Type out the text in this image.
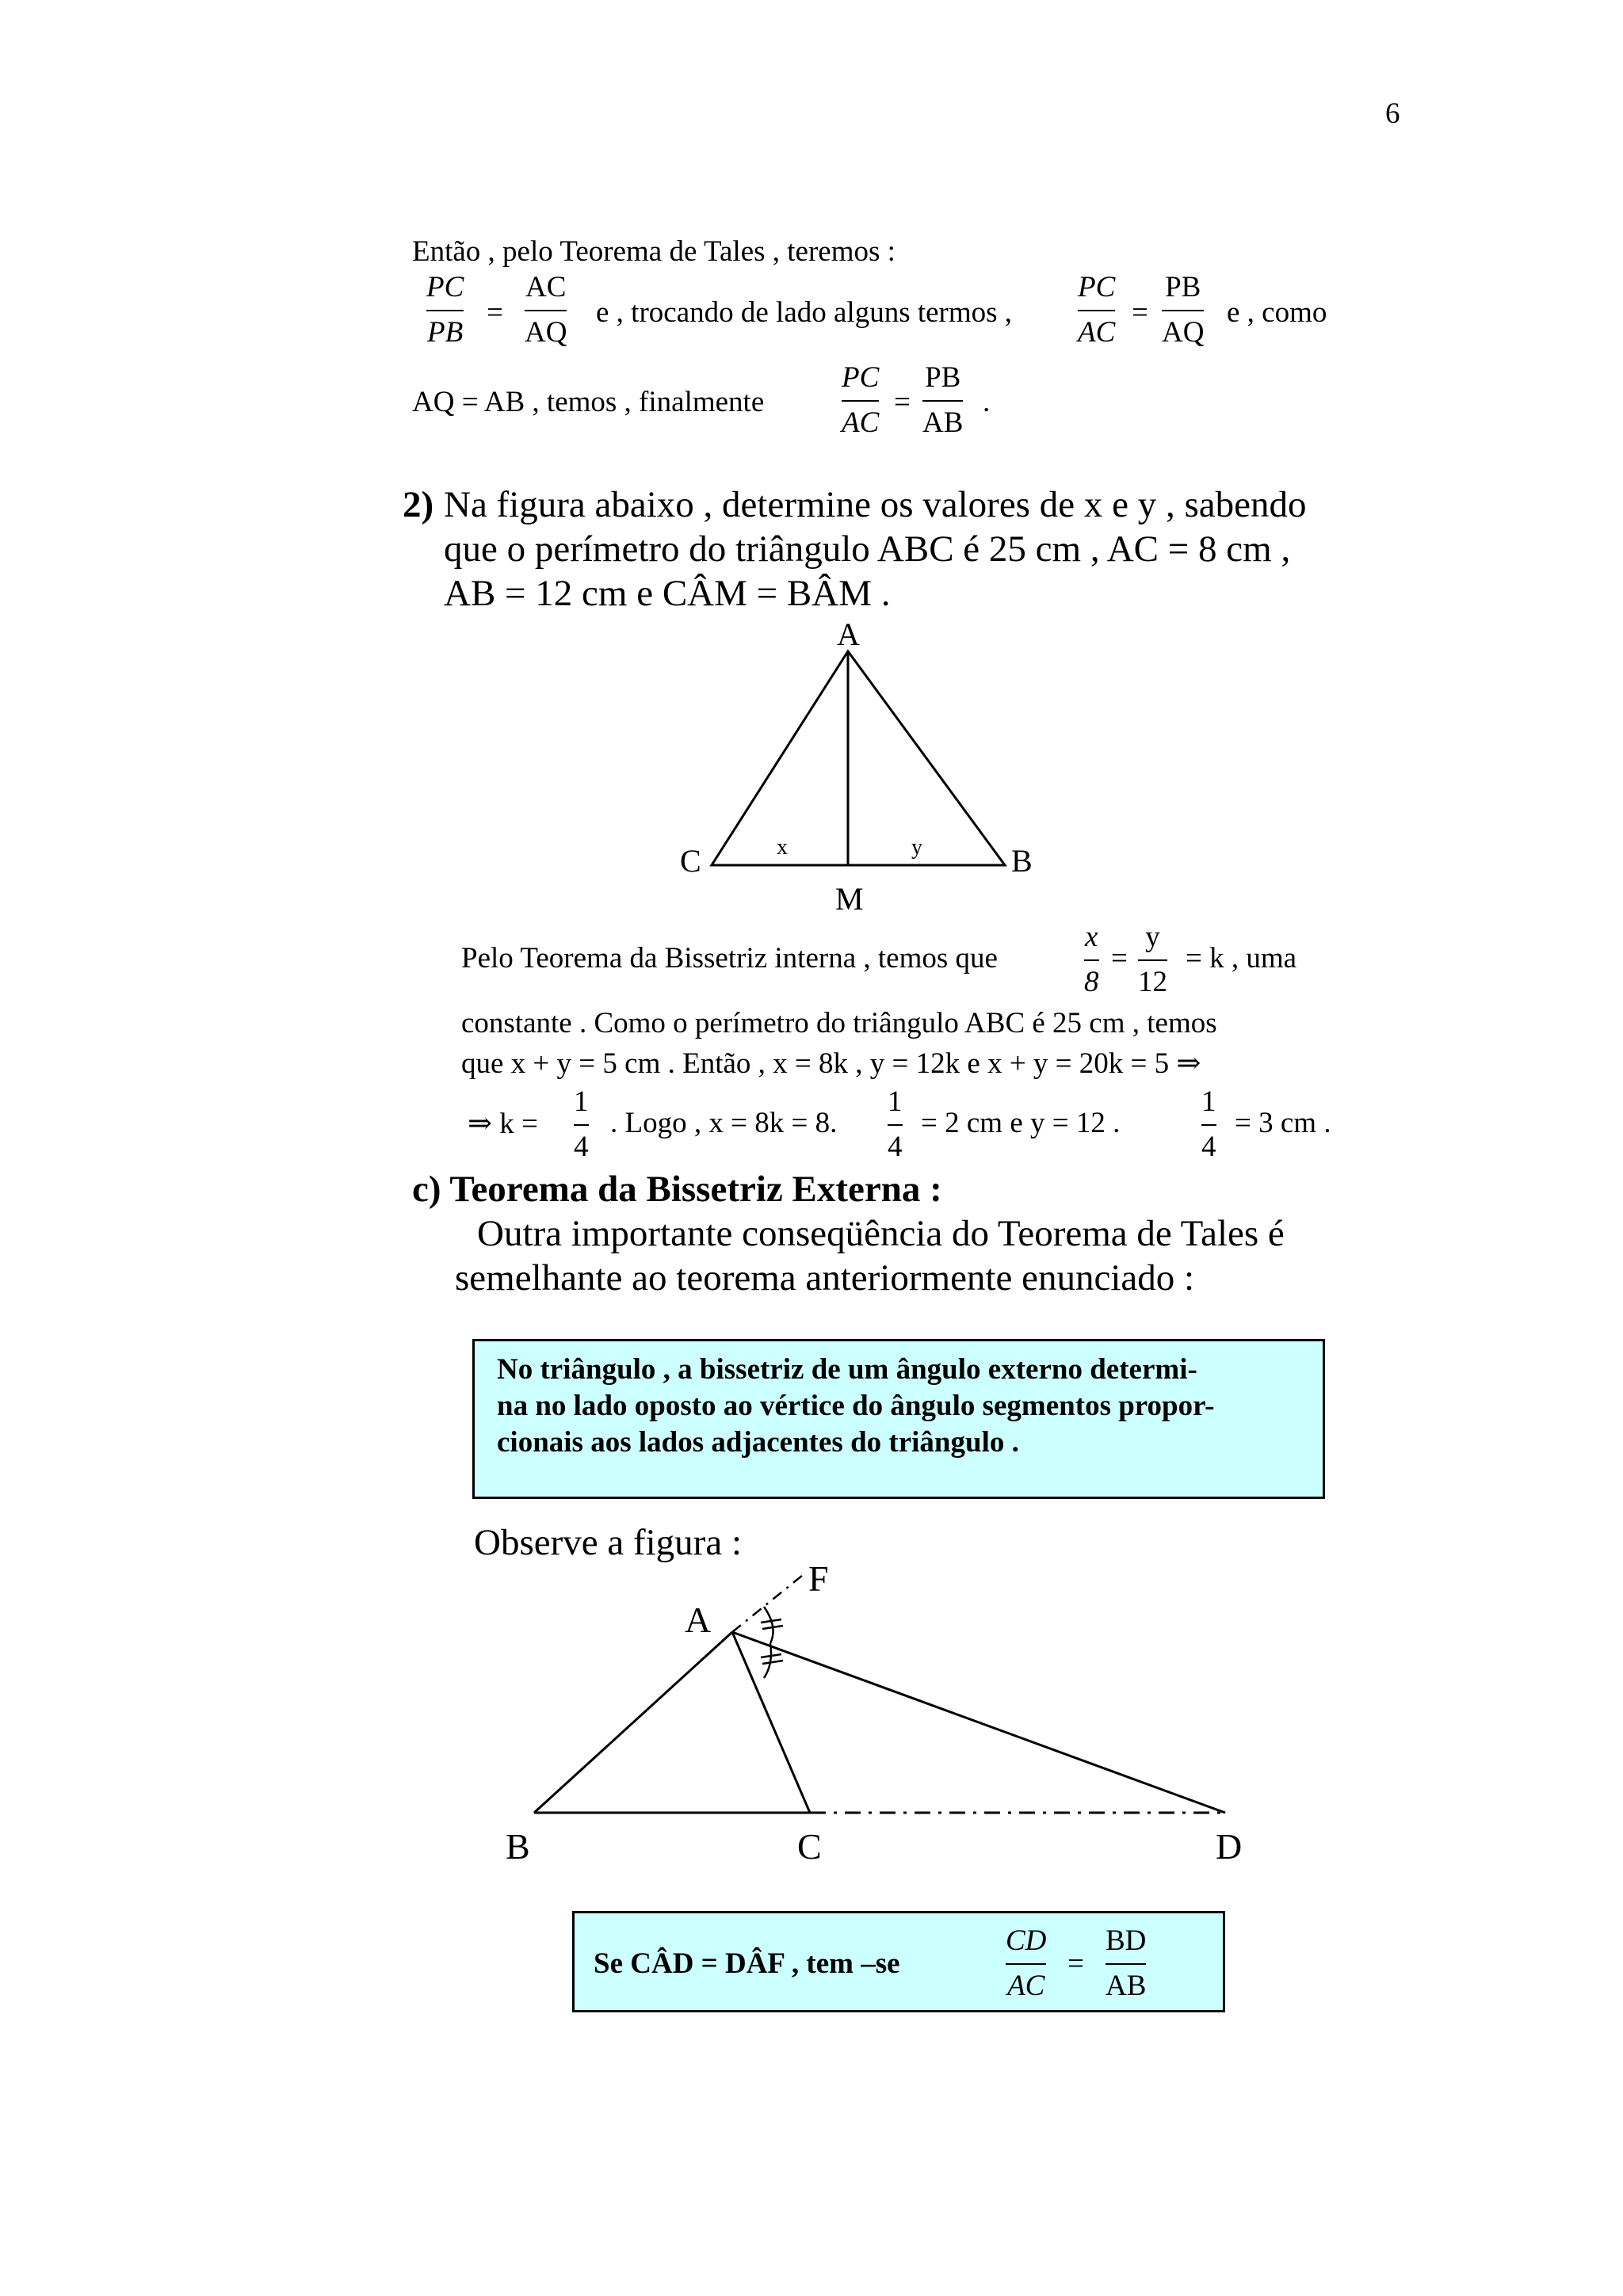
6
Então , pelo Teorema de Tales , teremos :
PC
PB
=
AC
AQ
e , trocando de lado alguns termos ,
PC
AC
=
PB
AQ
e , como
AQ = AB , temos , finalmente
PC
AC
=
PB
AB
.
2) Na figura abaixo , determine os valores de x e y , sabendo
que o perímetro do triângulo ABC é 25 cm , AC = 8 cm ,
AB = 12 cm e CÂM = BÂM .
A
C	B
M
x	y
Pelo Teorema da Bissetriz interna , temos que
x
8
=
y
12
= k , uma
constante . Como o perímetro do triângulo ABC é 25 cm , temos
que x + y = 5 cm . Então , x = 8k , y = 12k e x + y = 20k = 5 ⇒
⇒ k =
1
4
. Logo , x = 8k = 8.
1
4
= 2 cm e y = 12 .
1
4
= 3 cm .
c) Teorema da Bissetriz Externa :
Outra importante conseqüência do Teorema de Tales é
semelhante ao teorema anteriormente enunciado :
No triângulo , a bissetriz de um ângulo externo determi-
na no lado oposto ao vértice do ângulo segmentos propor-
cionais aos lados adjacentes do triângulo .
Observe a figura :
A
F
B	C	D
Se CÂD = DÂF , tem –se
CD
AC
=
BD
AB
